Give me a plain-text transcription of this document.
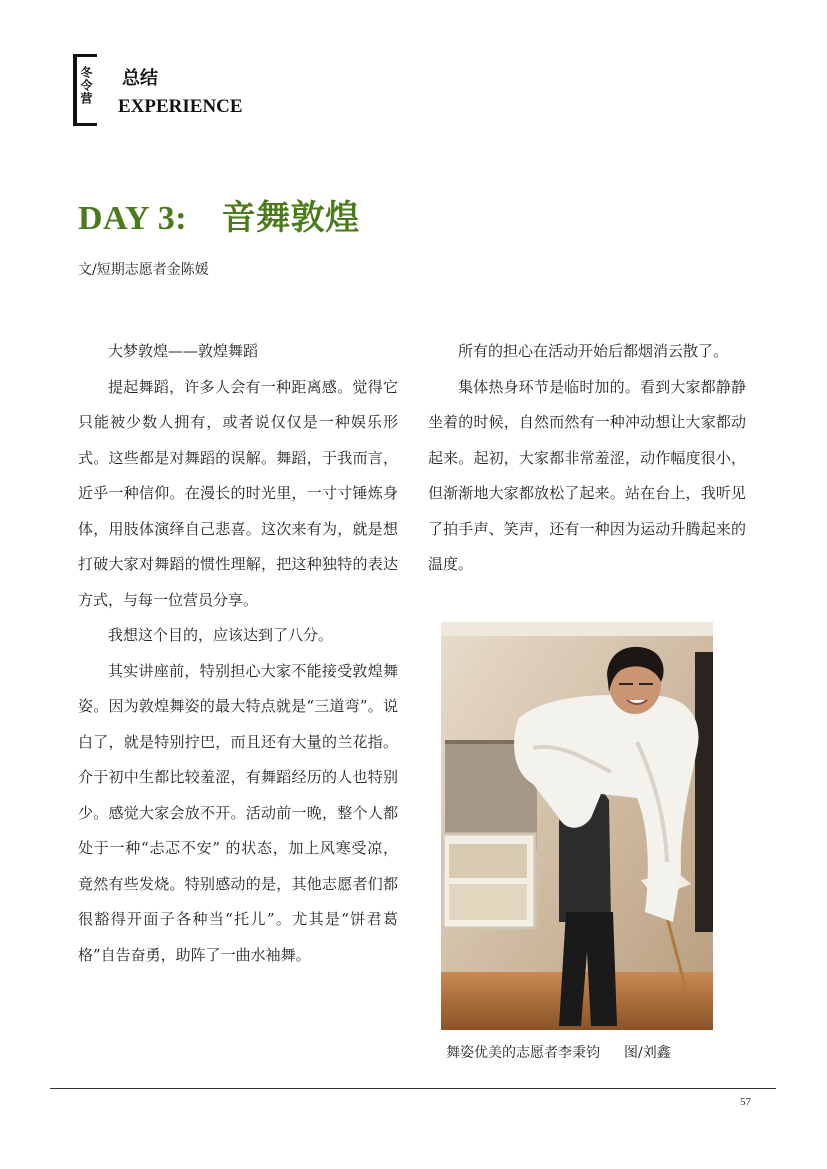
冬令营 总结
EXPERIENCE
DAY 3:　音舞敦煌
文/短期志愿者金陈媛

大梦敦煌——敦煌舞蹈

提起舞蹈，许多人会有一种距离感。觉得它只能被少数人拥有，或者说仅仅是一种娱乐形式。这些都是对舞蹈的误解。舞蹈，于我而言，近乎一种信仰。在漫长的时光里，一寸寸锤炼身体，用肢体演绎自己悲喜。这次来有为，就是想打破大家对舞蹈的惯性理解，把这种独特的表达方式，与每一位营员分享。

我想这个目的，应该达到了八分。

其实讲座前，特别担心大家不能接受敦煌舞姿。因为敦煌舞姿的最大特点就是“三道弯”。说白了，就是特别拧巴，而且还有大量的兰花指。介于初中生都比较羞涩，有舞蹈经历的人也特别少。感觉大家会放不开。活动前一晚，整个人都处于一种“忐忑不安” 的状态，加上风寒受凉，竟然有些发烧。特别感动的是，其他志愿者们都很豁得开面子各种当“托儿”。尤其是“饼君葛格”自告奋勇，助阵了一曲水袖舞。

所有的担心在活动开始后都烟消云散了。

集体热身环节是临时加的。看到大家都静静坐着的时候，自然而然有一种冲动想让大家都动起来。起初，大家都非常羞涩，动作幅度很小，但渐渐地大家都放松了起来。站在台上，我听见了拍手声、笑声，还有一种因为运动升腾起来的温度。

舞姿优美的志愿者李秉钧 图/刘鑫
57
